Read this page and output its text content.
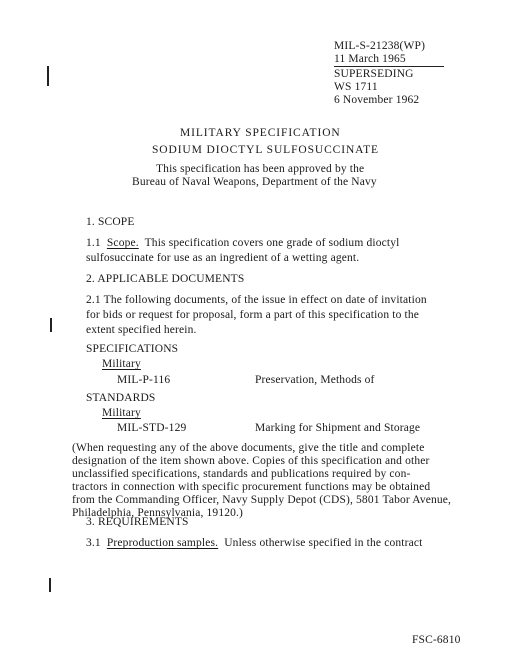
MIL-S-21238(WP)
11 March 1965
SUPERSEDING
WS 1711
6 November 1962
MILITARY SPECIFICATION
SODIUM DIOCTYL SULFOSUCCINATE
This specification has been approved by the
Bureau of Naval Weapons, Department of the Navy
1. SCOPE
1.1 Scope. This specification covers one grade of sodium dioctyl
sulfosuccinate for use as an ingredient of a wetting agent.
2. APPLICABLE DOCUMENTS
2.1 The following documents, of the issue in effect on date of invitation
for bids or request for proposal, form a part of this specification to the
extent specified herein.
SPECIFICATIONS
Military
MIL-P-116	Preservation, Methods of
STANDARDS
Military
MIL-STD-129	Marking for Shipment and Storage
(When requesting any of the above documents, give the title and complete
designation of the item shown above. Copies of this specification and other
unclassified specifications, standards and publications required by con-
tractors in connection with specific procurement functions may be obtained
from the Commanding Officer, Navy Supply Depot (CDS), 5801 Tabor Avenue,
Philadelphia, Pennsylvania, 19120.)
3. REQUIREMENTS
3.1 Preproduction samples. Unless otherwise specified in the contract
FSC-6810
